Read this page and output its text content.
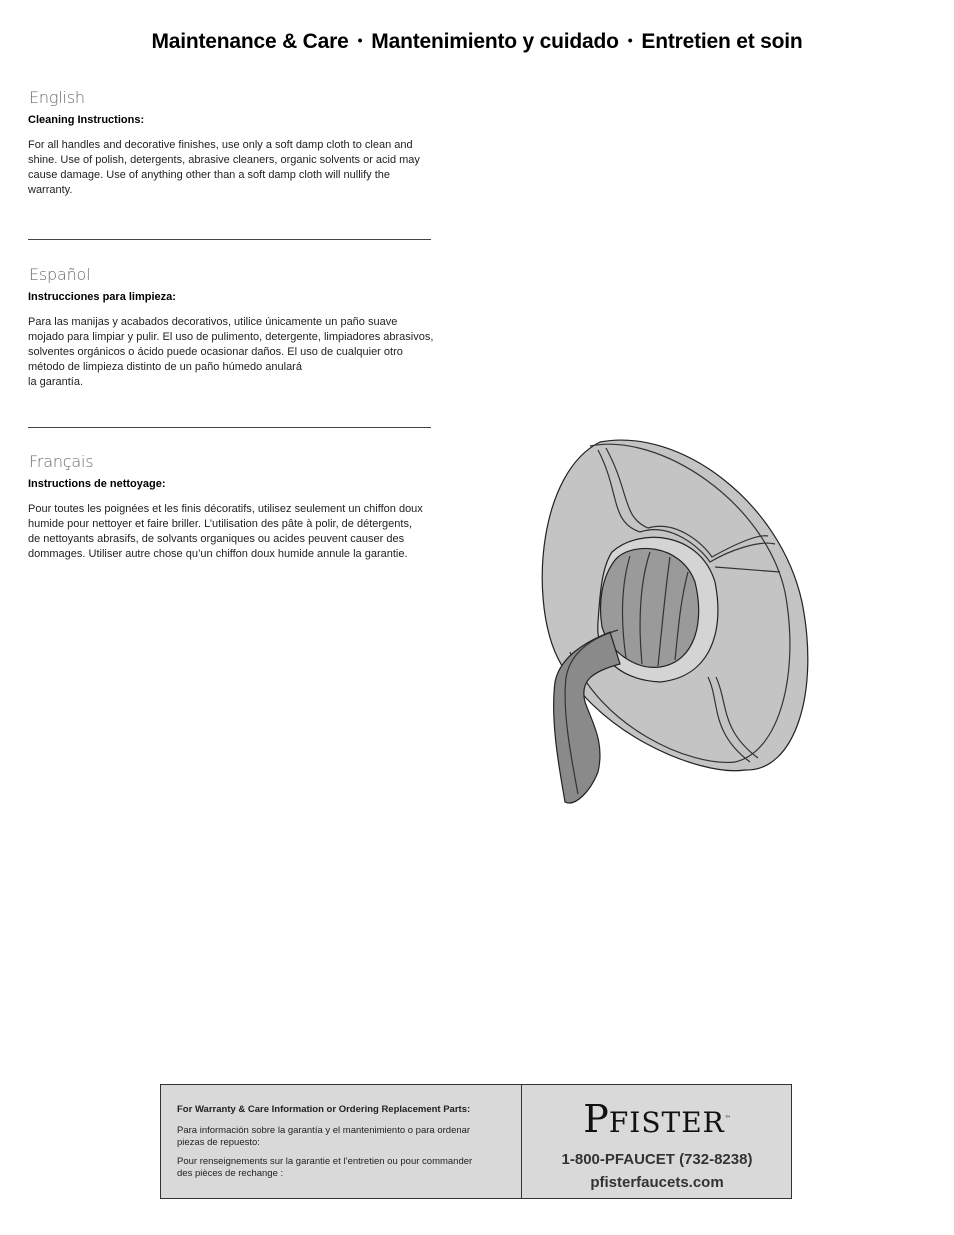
Maintenance & Care • Mantenimiento y cuidado • Entretien et soin
English
Cleaning Instructions:

For all handles and decorative finishes, use only a soft damp cloth to clean and
shine. Use of polish, detergents, abrasive cleaners, organic solvents or acid may
cause damage. Use of anything other than a soft damp cloth will nullify the
warranty.

Español
Instrucciones para limpieza:

Para las manijas y acabados decorativos, utilice únicamente un paño suave
mojado para limpiar y pulir. El uso de pulimento, detergente, limpiadores abrasivos,
solventes orgánicos o ácido puede ocasionar daños. El uso de cualquier otro
método de limpieza distinto de un paño húmedo anulará
la garantía.

Français
Instructions de nettoyage:

Pour toutes les poignées et les finis décoratifs, utilisez seulement un chiffon doux
humide pour nettoyer et faire briller. L’utilisation des pâte à polir, de détergents,
de nettoyants abrasifs, de solvants organiques ou acides peuvent causer des
dommages. Utiliser autre chose qu’un chiffon doux humide annule la garantie.

For Warranty & Care Information or Ordering Replacement Parts:
Para información sobre la garantía y el mantenimiento o para ordenar
piezas de repuesto:
Pour renseignements sur la garantie et l’entretien ou pour commander
des pièces de rechange :
PFISTER™
1-800-PFAUCET (732-8238)
pfisterfaucets.com
